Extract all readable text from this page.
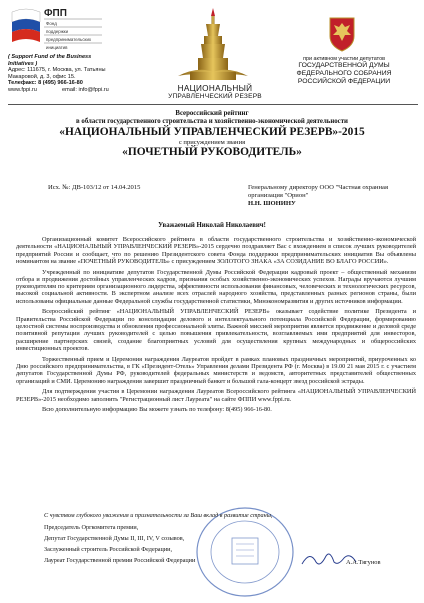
ФПП
Фонд
поддержки
предпринимательских
инициатив
( Support Fund of the Business Initiatives )
Адрес: 111675, г. Москва, ул. Татьяны
Макаровой, д. 3, офис 15.
Телефакс: 8 (495) 966-16-80
www.fppi.ru	email: info@fppi.ru	НАЦИОНАЛЬНЫЙ
УПРАВЛЕНЧЕСКИЙ РЕЗЕРВ
при активном участии депутатов
ГОСУДАРСТВЕННОЙ ДУМЫ
ФЕДЕРАЛЬНОГО СОБРАНИЯ
РОССИЙСКОЙ ФЕДЕРАЦИИ
Всероссийский рейтинг
в области государственного строительства и хозяйственно-экономической деятельности
«НАЦИОНАЛЬНЫЙ УПРАВЛЕНЧЕСКИЙ РЕЗЕРВ»-2015
с присуждением звания
«ПОЧЕТНЫЙ РУКОВОДИТЕЛЬ»
Исх. №: ДВ-103/12 от 14.04.2015	Генеральному директору ООО "Частная охранная
организация "Орион"
Н.Н. ШОНИНУ
Уважаемый Николай Николаевич!

Организационный комитет Всероссийского рейтинга в области государственного строительства и хозяйственно-экономической деятельности «НАЦИОНАЛЬНЫЙ УПРАВЛЕНЧЕСКИЙ РЕЗЕРВ»-2015 сердечно поздравляет Вас с вхождением в список лучших руководителей предприятий России и сообщает, что по решению Президентского совета Фонда поддержки предпринимательских инициатив Вы объявлены номинантом на звание «ПОЧЕТНЫЙ РУКОВОДИТЕЛЬ» с присуждением ЗОЛОТОГО ЗНАКА «ЗА СОЗИДАНИЕ ВО БЛАГО РОССИИ».

Учрежденный по инициативе депутатов Государственной Думы Российской Федерации кадровый проект – общественный механизм отбора и продвижения достойных управленческих кадров, признания особых хозяйственно-экономических успехов. Награды вручаются лучшим руководителям по критериям организационного лидерства, эффективности использования финансовых, человеческих и технологических ресурсов, высокой социальной активности. В экспертном анализе всех отраслей народного хозяйства, представленных разных регионов страны, были использованы официальные данные Федеральной службы государственной статистики, Минэкономразвития и других источников информации.

Всероссийский рейтинг «НАЦИОНАЛЬНЫЙ УПРАВЛЕНЧЕСКИЙ РЕЗЕРВ» оказывает содействие политике Президента и Правительства Российской Федерации по консолидации делового и интеллектуального потенциала Российской Федерации, формированию целостной системы воспроизводства и обновления профессиональной элиты. Важной миссией мероприятия является продвижение и деловой среде позитивной репутации лучших руководителей с целью повышения привлекательности, возглавляемых ими предприятий для инвесторов, расширение партнерских связей, создание благоприятных условий для осуществления крупных международных и общероссийских инвестиционных проектов.

Торжественный прием и Церемония награждения Лауреатов пройдет в рамках плановых праздничных мероприятий, приуроченных ко Дню российского предпринимательства, в ГК «Президент-Отель» Управления делами Президента РФ (г. Москва) в 19.00 21 мая 2015 г. с участием депутатов Государственной Думы РФ, руководителей федеральных министерств и ведомств, авторитетных представителей общественных организаций и СМИ. Церемонию награждения завершит праздничный банкет и большой гала-концерт звезд российской эстрады.

Для подтверждения участия в Церемонии награждения Лауреатов Всероссийского рейтинга «НАЦИОНАЛЬНЫЙ УПРАВЛЕНЧЕСКИЙ РЕЗЕРВ»-2015 необходимо заполнить "Регистрационный лист Лауреата" на сайте ФППИ www.fppi.ru.

Всю дополнительную информацию Вы можете узнать по телефону: 8(495) 966-16-80.

С чувством глубокого уважения и признательности за Ваш вклад в развитие страны,
Председатель Оргкомитета премии,
Депутат Государственной Думы II, III, IV, V созывов,
Заслуженный строитель Российской Федерации,
Лауреат Государственной премии Российской Федерации	А.А.Тягунов
